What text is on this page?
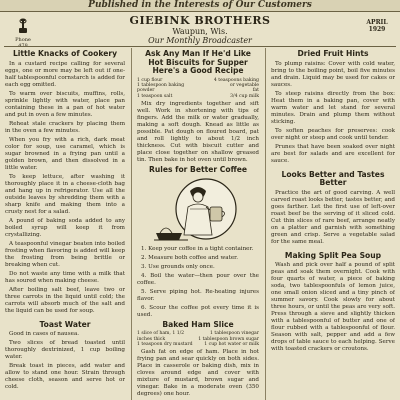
Published in the Interests of Our Customers
Phone
GIEBINK BROTHERS
Waupun, Wis.
Our Monthly Broadcaster
APRIL
1929
Little Knacks of Cookery

In a custard recipe calling for several eggs, one or more may be left out if one-half tablespoonful cornstarch is added for each egg omitted.

To warm over biscuits, muffins, rolls, sprinkle lightly with water, place pan containing these in a pan of hot water and put in oven a few minutes.

Reheat stale crackers by placing them in the oven a few minutes.

When you fry with a rich, dark meat color for soup, use caramel, which is sugar browned in a frying pan until a golden brown, and then dissolved in a little water.

To keep lettuce, after washing it thoroughly place it in a cheese-cloth bag and hang up in refrigerator. Use all the outside leaves by shredding them with a sharp knife and making them into a crusty nest for a salad.

A pound of baking soda added to any boiled syrup will keep it from crystallizing.

A teaspoonful vinegar beaten into boiled frosting when flavoring is added will keep the frosting from being brittle or breaking when cut.

Do not waste any time with a milk that has soured when making cheese.

After boiling salt beef, leave two or three carrots in the liquid until cold; the carrots will absorb much of the salt and the liquid can be used for soup.

Toast Water

Good in cases of nausea.

Two slices of bread toasted until thoroughly dextrinized, 1 cup boiling water.

Break toast in pieces, add water and allow to stand one hour. Strain through cheese cloth, season and serve hot or cold.

Ask Any Man If He'd Like Hot Biscuits for Supper Here's a Good Recipe
1 cup flour	4 teaspoons baking
1 tablespoon baking	or vegetable
powder	fat
1 teaspoon salt	3/4 cup milk

Mix dry ingredients together and sift well. Work in shortening with tips of fingers. Add the milk or water gradually, making a soft dough. Knead as little as possible. Pat dough on floured board, pat and roll lightly to about 1/2 inch thickness. Cut with biscuit cutter and place close together on shallow greased tin. Then bake in hot oven until brown.

Rules for Better Coffee

1. Keep your coffee in a tight container.

2. Measure both coffee and water.

3. Use grounds only once.

4. Boil the water—then pour over the coffee.

5. Serve piping hot. Re-heating injures flavor.

6. Scour the coffee pot every time it is used.

Baked Ham Slice
1 slice of ham, 1 1/2	1 tablespoon vinegar
inches thick	1 tablespoon brown sugar
1 teaspoon dry mustard	1 cup hot water or milk

Gash fat on edge of ham. Place in hot frying pan and sear quickly on both sides. Place in casserole or baking dish, mix in cloves around edge and cover with mixture of mustard, brown sugar and vinegar. Bake in a moderate oven (350 degrees) one hour.

Dried Fruit Hints

To plump raisins: Cover with cold water, bring to the boiling point, boil five minutes and drain. Liquid may be used for cakes or sauces.

To steep raisins directly from the box: Heat them in a baking pan, cover with warm water and let stand for several minutes. Drain and plump them without sticking.

To soften peaches for preserves: cook over night or steep and cook until tender.

Prunes that have been soaked over night are best for salads and are excellent for sauce.

Looks Better and Tastes Better

Practice the art of good carving. A well carved roast looks better, tastes better, and goes farther. Let the first use of left-over roast beef be the serving of it sliced cold. Cut thin slices of rare beef, arrange neatly on a platter and garnish with something green and crisp. Serve a vegetable salad for the same meal.

Making Split Pea Soup

Wash and pick over half a pound of split peas and soak them overnight. Cook with four quarts of water, a piece of baking soda, two tablespoonfuls of lemon juice, one small onion sliced and a tiny pinch of summer savory. Cook slowly for about three hours, or until the peas are very soft. Press through a sieve and slightly thicken with a tablespoonful of butter and one of flour rubbed with a tablespoonful of flour. Season with salt, pepper and add a few drops of table sauce to each helping. Serve with toasted crackers or croutons.
